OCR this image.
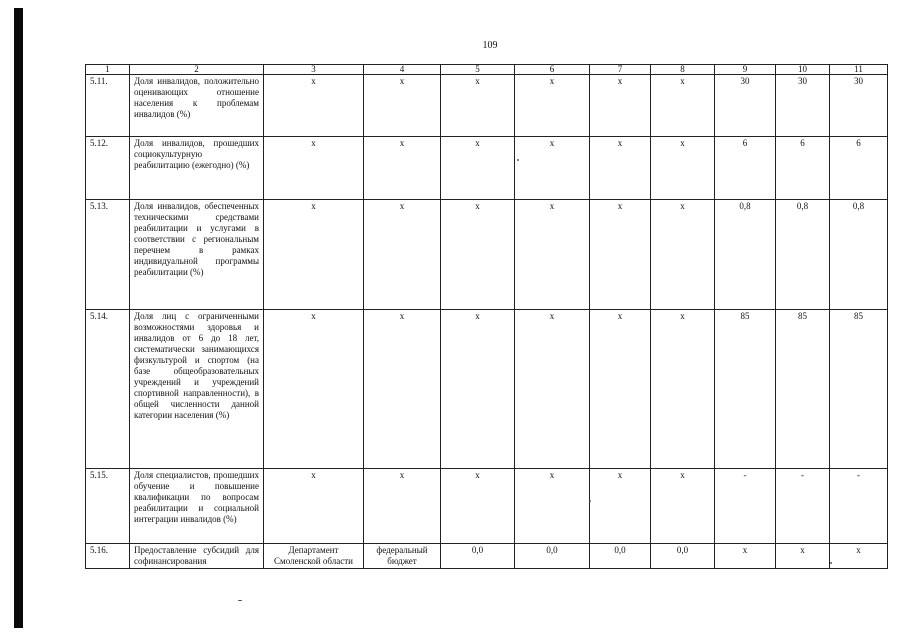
109
1	2	3	4	5	6	7	8	9	10	11
5.11.	Доля инвалидов, положительно оценивающих отношение населения к проблемам инвалидов (%)	х	х	х	х	х	х	30	30	30
5.12.	Доля инвалидов, прошедших социокультурную реабилитацию (ежегодно) (%)	х	х	х	х	х	х	6	6	6
5.13.	Доля инвалидов, обеспеченных техническими средствами реабилитации и услугами в соответствии с региональным перечнем в рамках индивидуальной программы реабилитации (%)	х	х	х	х	х	х	0,8	0,8	0,8
5.14.	Доля лиц с ограниченными возможностями здоровья и инвалидов от 6 до 18 лет, систематически занимающихся физкультурой и спортом (на базе общеобразовательных учреждений и учреждений спортивной направленности), в общей численности данной категории населения (%)	х	х	х	х	х	х	85	85	85
5.15.	Доля специалистов, прошедших обучение и повышение квалификации по вопросам реабилитации и социальной интеграции инвалидов (%)	х	х	х	х	х	х	-	-	-
5.16.	Предоставление субсидий для софинансирования	Департамент Смоленской области	федеральный бюджет	0,0	0,0	0,0	0,0	х	х	х
